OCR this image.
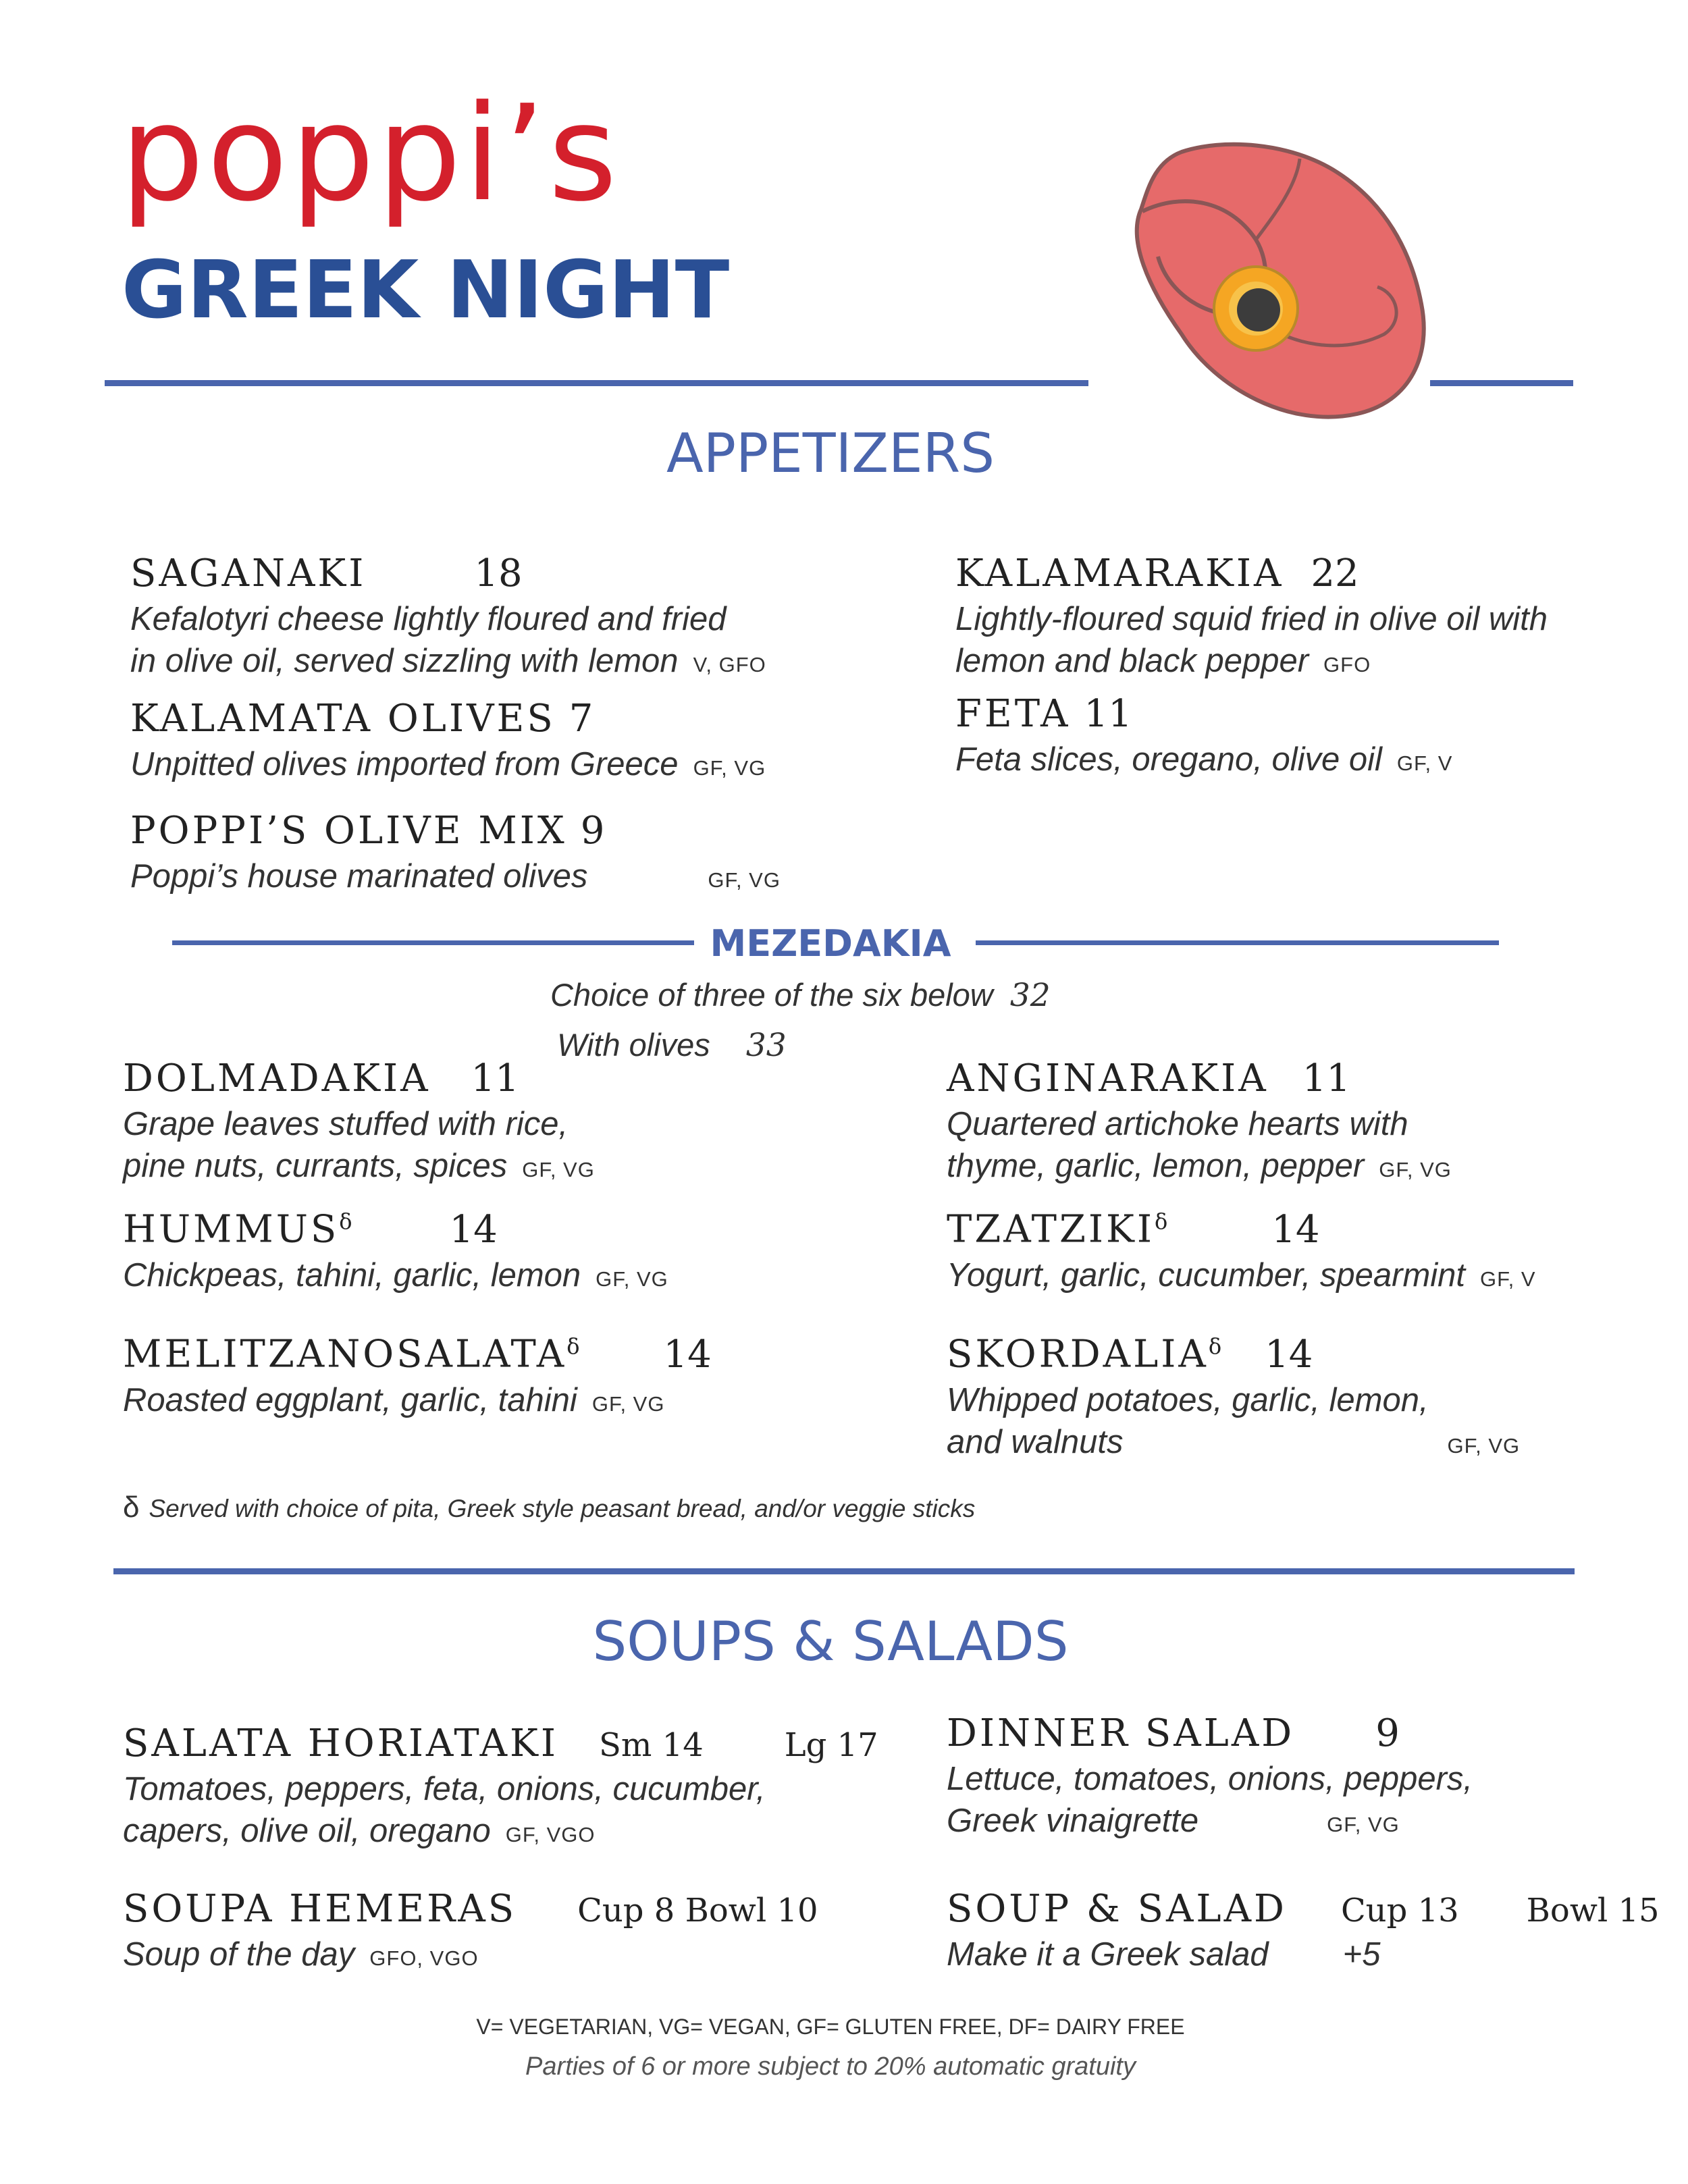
poppi’s
GREEK NIGHT
APPETIZERS
SAGANAKI	18
Kefalotyri cheese lightly floured and fried
in olive oil, served sizzling with lemon V, GFO
KALAMATA OLIVES 7
Unpitted olives imported from Greece GF, VG
POPPI’S OLIVE MIX 9
Poppi’s house marinated olives	GF, VG
KALAMARAKIA 22
Lightly-floured squid fried in olive oil with
lemon and black pepper GFO
FETA 11
Feta slices, oregano, olive oil GF, V
MEZEDAKIA
Choice of three of the six below 32
With olives 33
DOLMADAKIA 11
Grape leaves stuffed with rice,
pine nuts, currants, spices GF, VG
$HUMMUS^\delta$	14
Chickpeas, tahini, garlic, lemon GF, VG
$MELITZANOSALATA^\delta$ 14
Roasted eggplant, garlic, tahini GF, VG
ANGINARAKIA 11
Quartered artichoke hearts with
thyme, garlic, lemon, pepper GF, VG
$TZATZIKI^\delta$	14
Yogurt, garlic, cucumber, spearmint GF, V
$SKORDALIA^\delta$ 14
Whipped potatoes, garlic, lemon,
and walnuts	GF, VG
δ Served with choice of pita, Greek style peasant bread, and/or veggie sticks
SOUPS & SALADS
SALATA HORIATAKI Sm 14	Lg 17
Tomatoes, peppers, feta, onions, cucumber,
capers, olive oil, oregano GF, VGO
SOUPA HEMERAS Cup 8 Bowl 10
Soup of the day GFO, VGO
DINNER SALAD 9
Lettuce, tomatoes, onions, peppers,
Greek vinaigrette	GF, VG
SOUP & SALAD Cup 13 Bowl 15
Make it a Greek salad +5
V= VEGETARIAN, VG= VEGAN, GF= GLUTEN FREE, DF= DAIRY FREE
Parties of 6 or more subject to 20% automatic gratuity
